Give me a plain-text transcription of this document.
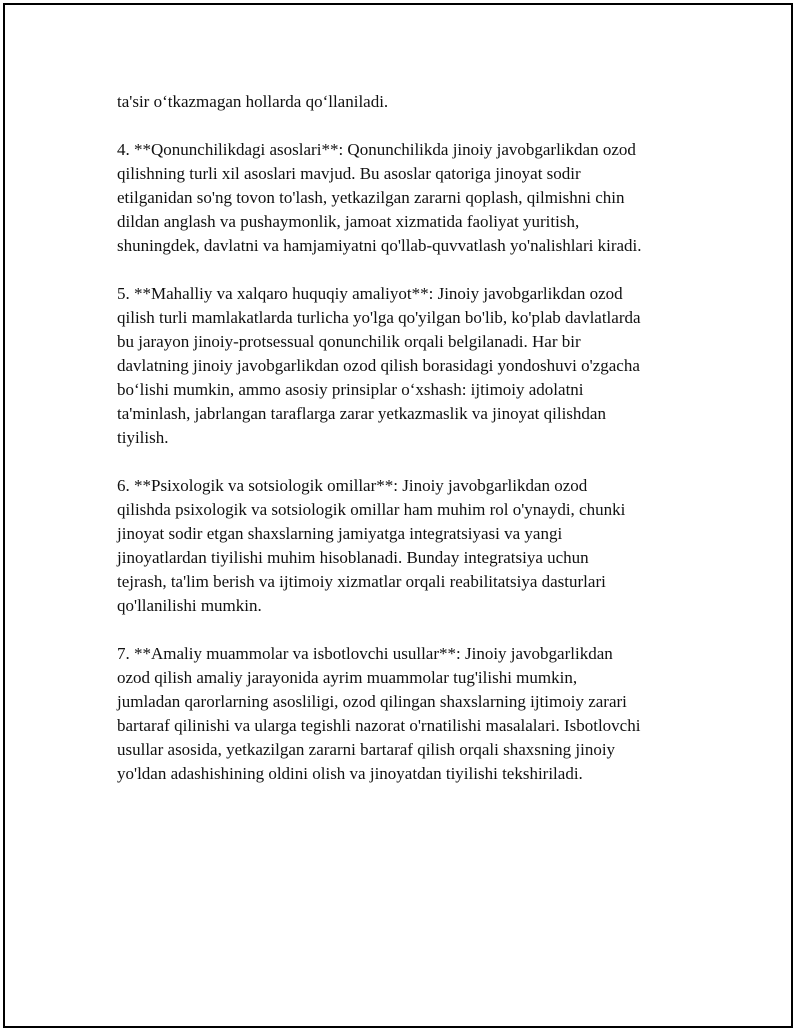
ta'sir o‘tkazmagan hollarda qo‘llaniladi.

4. **Qonunchilikdagi asoslari**: Qonunchilikda jinoiy javobgarlikdan ozod
qilishning turli xil asoslari mavjud. Bu asoslar qatoriga jinoyat sodir
etilganidan so'ng tovon to'lash, yetkazilgan zararni qoplash, qilmishni chin
dildan anglash va pushaymonlik, jamoat xizmatida faoliyat yuritish,
shuningdek, davlatni va hamjamiyatni qo'llab-quvvatlash yo'nalishlari kiradi.

5. **Mahalliy va xalqaro huquqiy amaliyot**: Jinoiy javobgarlikdan ozod
qilish turli mamlakatlarda turlicha yo'lga qo'yilgan bo'lib, ko'plab davlatlarda
bu jarayon jinoiy-protsessual qonunchilik orqali belgilanadi. Har bir
davlatning jinoiy javobgarlikdan ozod qilish borasidagi yondoshuvi o'zgacha
bo‘lishi mumkin, ammo asosiy prinsiplar o‘xshash: ijtimoiy adolatni
ta'minlash, jabrlangan taraflarga zarar yetkazmaslik va jinoyat qilishdan
tiyilish.

6. **Psixologik va sotsiologik omillar**: Jinoiy javobgarlikdan ozod
qilishda psixologik va sotsiologik omillar ham muhim rol o'ynaydi, chunki
jinoyat sodir etgan shaxslarning jamiyatga integratsiyasi va yangi
jinoyatlardan tiyilishi muhim hisoblanadi. Bunday integratsiya uchun
tejrash, ta'lim berish va ijtimoiy xizmatlar orqali reabilitatsiya dasturlari
qo'llanilishi mumkin.

7. **Amaliy muammolar va isbotlovchi usullar**: Jinoiy javobgarlikdan
ozod qilish amaliy jarayonida ayrim muammolar tug'ilishi mumkin,
jumladan qarorlarning asosliligi, ozod qilingan shaxslarning ijtimoiy zarari
bartaraf qilinishi va ularga tegishli nazorat o'rnatilishi masalalari. Isbotlovchi
usullar asosida, yetkazilgan zararni bartaraf qilish orqali shaxsning jinoiy
yo'ldan adashishining oldini olish va jinoyatdan tiyilishi tekshiriladi.
